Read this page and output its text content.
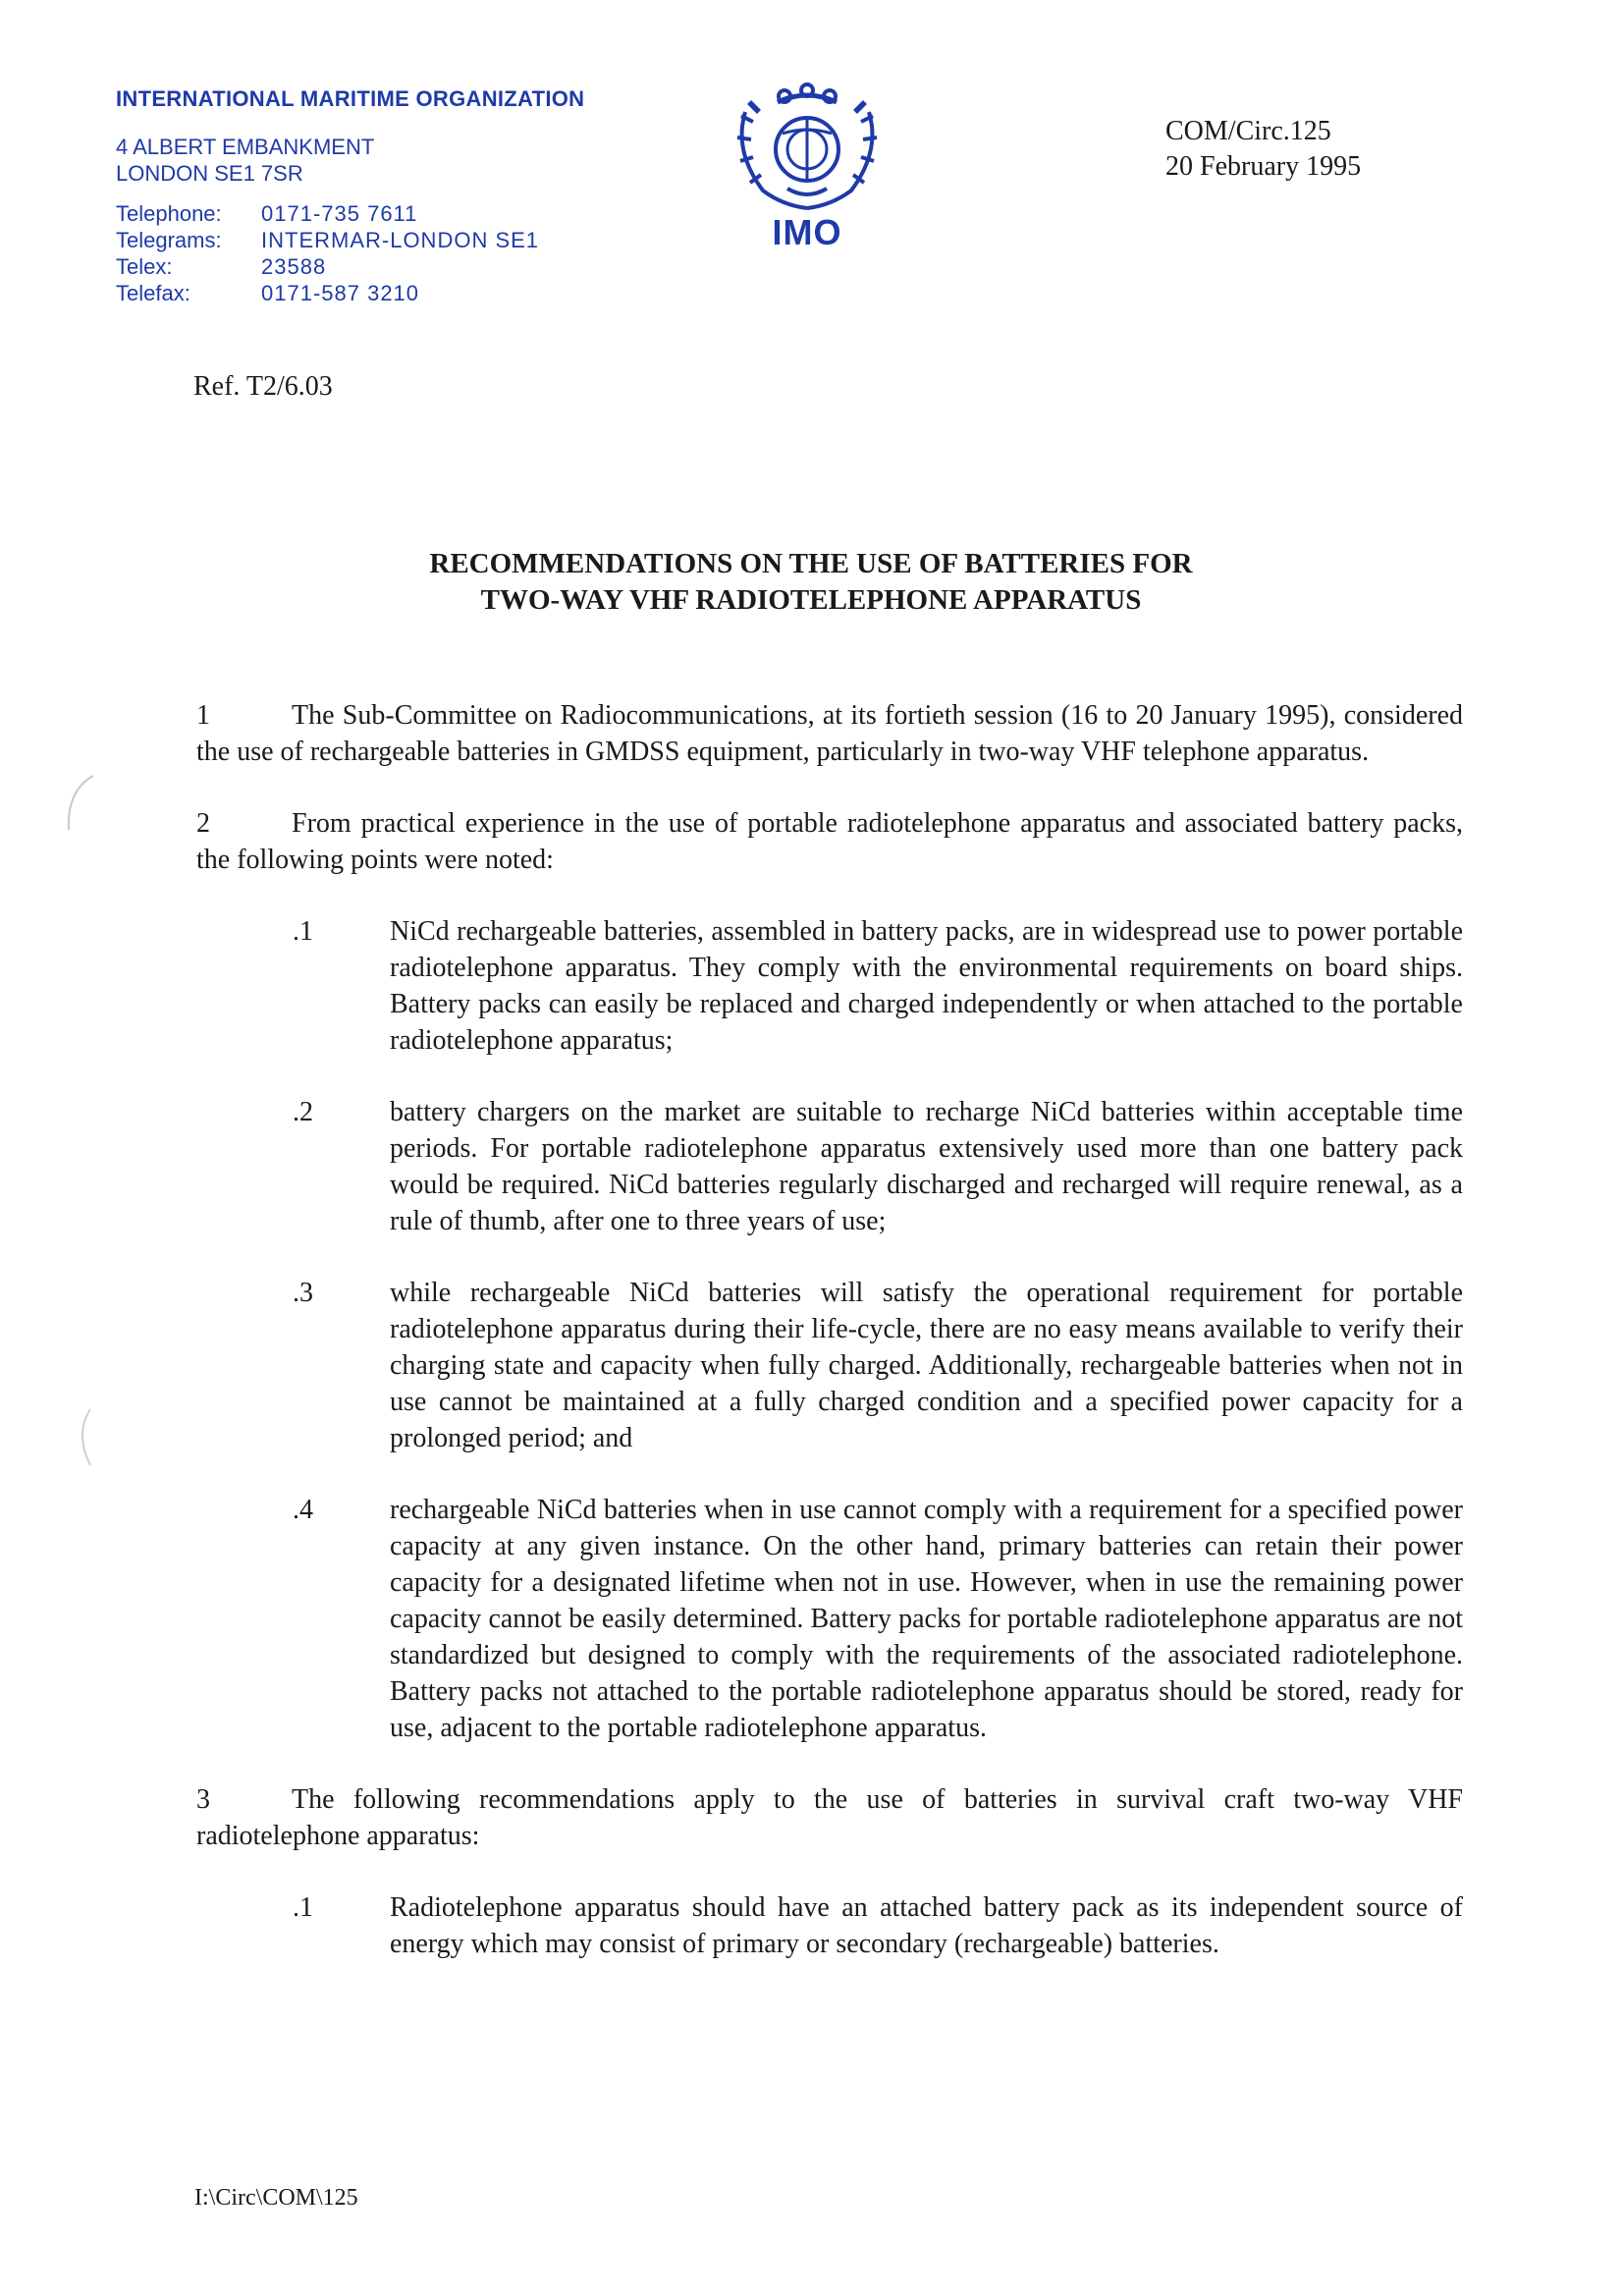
INTERNATIONAL MARITIME ORGANIZATION
4 ALBERT EMBANKMENT
LONDON SE1 7SR
Telephone:	0171-735 7611
Telegrams:	INTERMAR-LONDON SE1
Telex:	23588
Telefax:	0171-587 3210
IMO
COM/Circ.125
20 February 1995
Ref. T2/6.03
RECOMMENDATIONS ON THE USE OF BATTERIES FOR
TWO-WAY VHF RADIOTELEPHONE APPARATUS

1	The Sub-Committee on Radiocommunications, at its fortieth session (16 to 20 January 1995), considered the use of rechargeable batteries in GMDSS equipment, particularly in two-way VHF telephone apparatus.

2	From practical experience in the use of portable radiotelephone apparatus and associated battery packs, the following points were noted:

.1	NiCd rechargeable batteries, assembled in battery packs, are in widespread use to power portable radiotelephone apparatus. They comply with the environmental requirements on board ships. Battery packs can easily be replaced and charged independently or when attached to the portable radiotelephone apparatus;
.2	battery chargers on the market are suitable to recharge NiCd batteries within acceptable time periods. For portable radiotelephone apparatus extensively used more than one battery pack would be required. NiCd batteries regularly discharged and recharged will require renewal, as a rule of thumb, after one to three years of use;
.3	while rechargeable NiCd batteries will satisfy the operational requirement for portable radiotelephone apparatus during their life-cycle, there are no easy means available to verify their charging state and capacity when fully charged. Additionally, rechargeable batteries when not in use cannot be maintained at a fully charged condition and a specified power capacity for a prolonged period; and
.4	rechargeable NiCd batteries when in use cannot comply with a requirement for a specified power capacity at any given instance. On the other hand, primary batteries can retain their power capacity for a designated lifetime when not in use. However, when in use the remaining power capacity cannot be easily determined. Battery packs for portable radiotelephone apparatus are not standardized but designed to comply with the requirements of the associated radiotelephone. Battery packs not attached to the portable radiotelephone apparatus should be stored, ready for use, adjacent to the portable radiotelephone apparatus.

3	The following recommendations apply to the use of batteries in survival craft two-way VHF radiotelephone apparatus:

.1	Radiotelephone apparatus should have an attached battery pack as its independent source of energy which may consist of primary or secondary (rechargeable) batteries.
I:\Circ\COM\125
